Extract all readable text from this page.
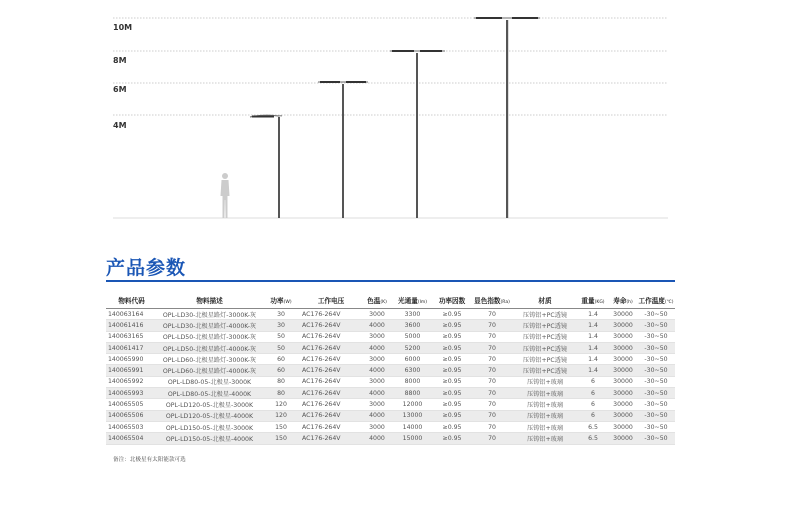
10M
8M
6M
4M
产品参数
物料代码	物料描述	功率(W)	工作电压	色温(K)	光通量(lm)	功率因数	显色指数(Ra)	材质	重量(KG)	寿命(h)	工作温度(℃)
140063164	OPL-LD30-北极星路灯-3000K-灰	30	AC176-264V	3000	3300	≥0.95	70	压铸铝+PC透镜	1.4	30000	-30~50
140061416	OPL-LD30-北极星路灯-4000K-灰	30	AC176-264V	4000	3600	≥0.95	70	压铸铝+PC透镜	1.4	30000	-30~50
140063165	OPL-LD50-北极星路灯-3000K-灰	50	AC176-264V	3000	5000	≥0.95	70	压铸铝+PC透镜	1.4	30000	-30~50
140061417	OPL-LD50-北极星路灯-4000K-灰	50	AC176-264V	4000	5200	≥0.95	70	压铸铝+PC透镜	1.4	30000	-30~50
140065990	OPL-LD60-北极星路灯-3000K-灰	60	AC176-264V	3000	6000	≥0.95	70	压铸铝+PC透镜	1.4	30000	-30~50
140065991	OPL-LD60-北极星路灯-4000K-灰	60	AC176-264V	4000	6300	≥0.95	70	压铸铝+PC透镜	1.4	30000	-30~50
140065992	OPL-LD80-05-北极星-3000K	80	AC176-264V	3000	8000	≥0.95	70	压铸铝+玻璃	6	30000	-30~50
140065993	OPL-LD80-05-北极星-4000K	80	AC176-264V	4000	8800	≥0.95	70	压铸铝+玻璃	6	30000	-30~50
140065505	OPL-LD120-05-北极星-3000K	120	AC176-264V	3000	12000	≥0.95	70	压铸铝+玻璃	6	30000	-30~50
140065506	OPL-LD120-05-北极星-4000K	120	AC176-264V	4000	13000	≥0.95	70	压铸铝+玻璃	6	30000	-30~50
140065503	OPL-LD150-05-北极星-3000K	150	AC176-264V	3000	14000	≥0.95	70	压铸铝+玻璃	6.5	30000	-30~50
140065504	OPL-LD150-05-北极星-4000K	150	AC176-264V	4000	15000	≥0.95	70	压铸铝+玻璃	6.5	30000	-30~50
备注：北极星有太阳能款可选
